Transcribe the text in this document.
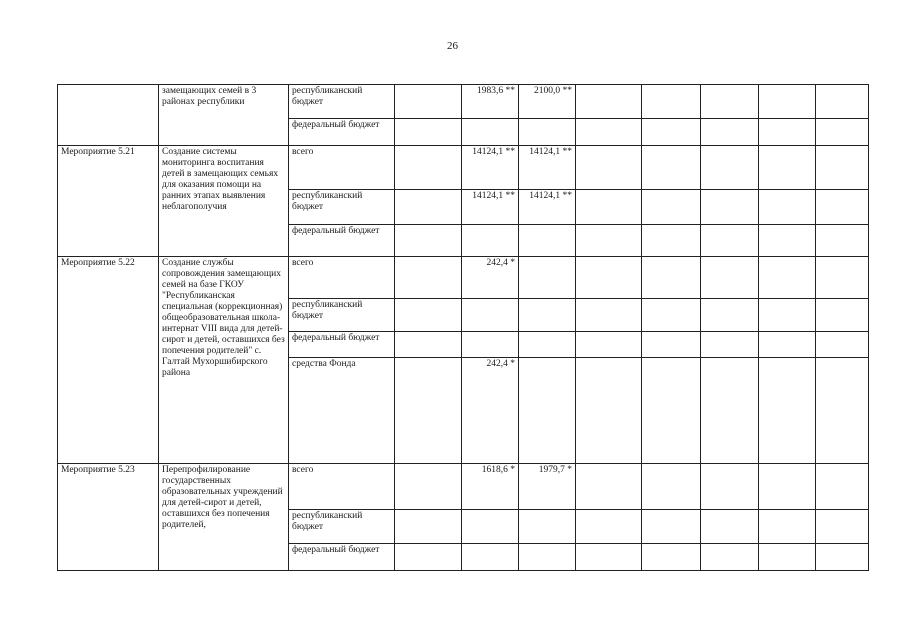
26
	замещающих семей в 3 районах республики	республиканский бюджет		1983,6 **	2100,0 **					
		федеральный бюджет								
Мероприятие 5.21	Создание системы мониторинга воспитания детей в замещающих семьях для оказания помощи на ранних этапах выявления неблагополучия	всего		14124,1 **	14124,1 **					
		республиканский бюджет		14124,1 **	14124,1 **					
		федеральный бюджет								
Мероприятие 5.22	Создание службы сопровождения замещающих семей на базе ГКОУ "Республиканская специальная (коррекционная) общеобразовательная школа-интернат VIII вида для детей-сирот и детей, оставшихся без попечения родителей" с. Галтай Мухоршибирского района	всего		242,4 *						
		республиканский бюджет								
		федеральный бюджет								
		средства Фонда		242,4 *						
Мероприятие 5.23	Перепрофилирование государственных образовательных учреждений для детей-сирот и детей, оставшихся без попечения родителей,	всего		1618,6 *	1979,7 *					
		республиканский бюджет								
		федеральный бюджет								
